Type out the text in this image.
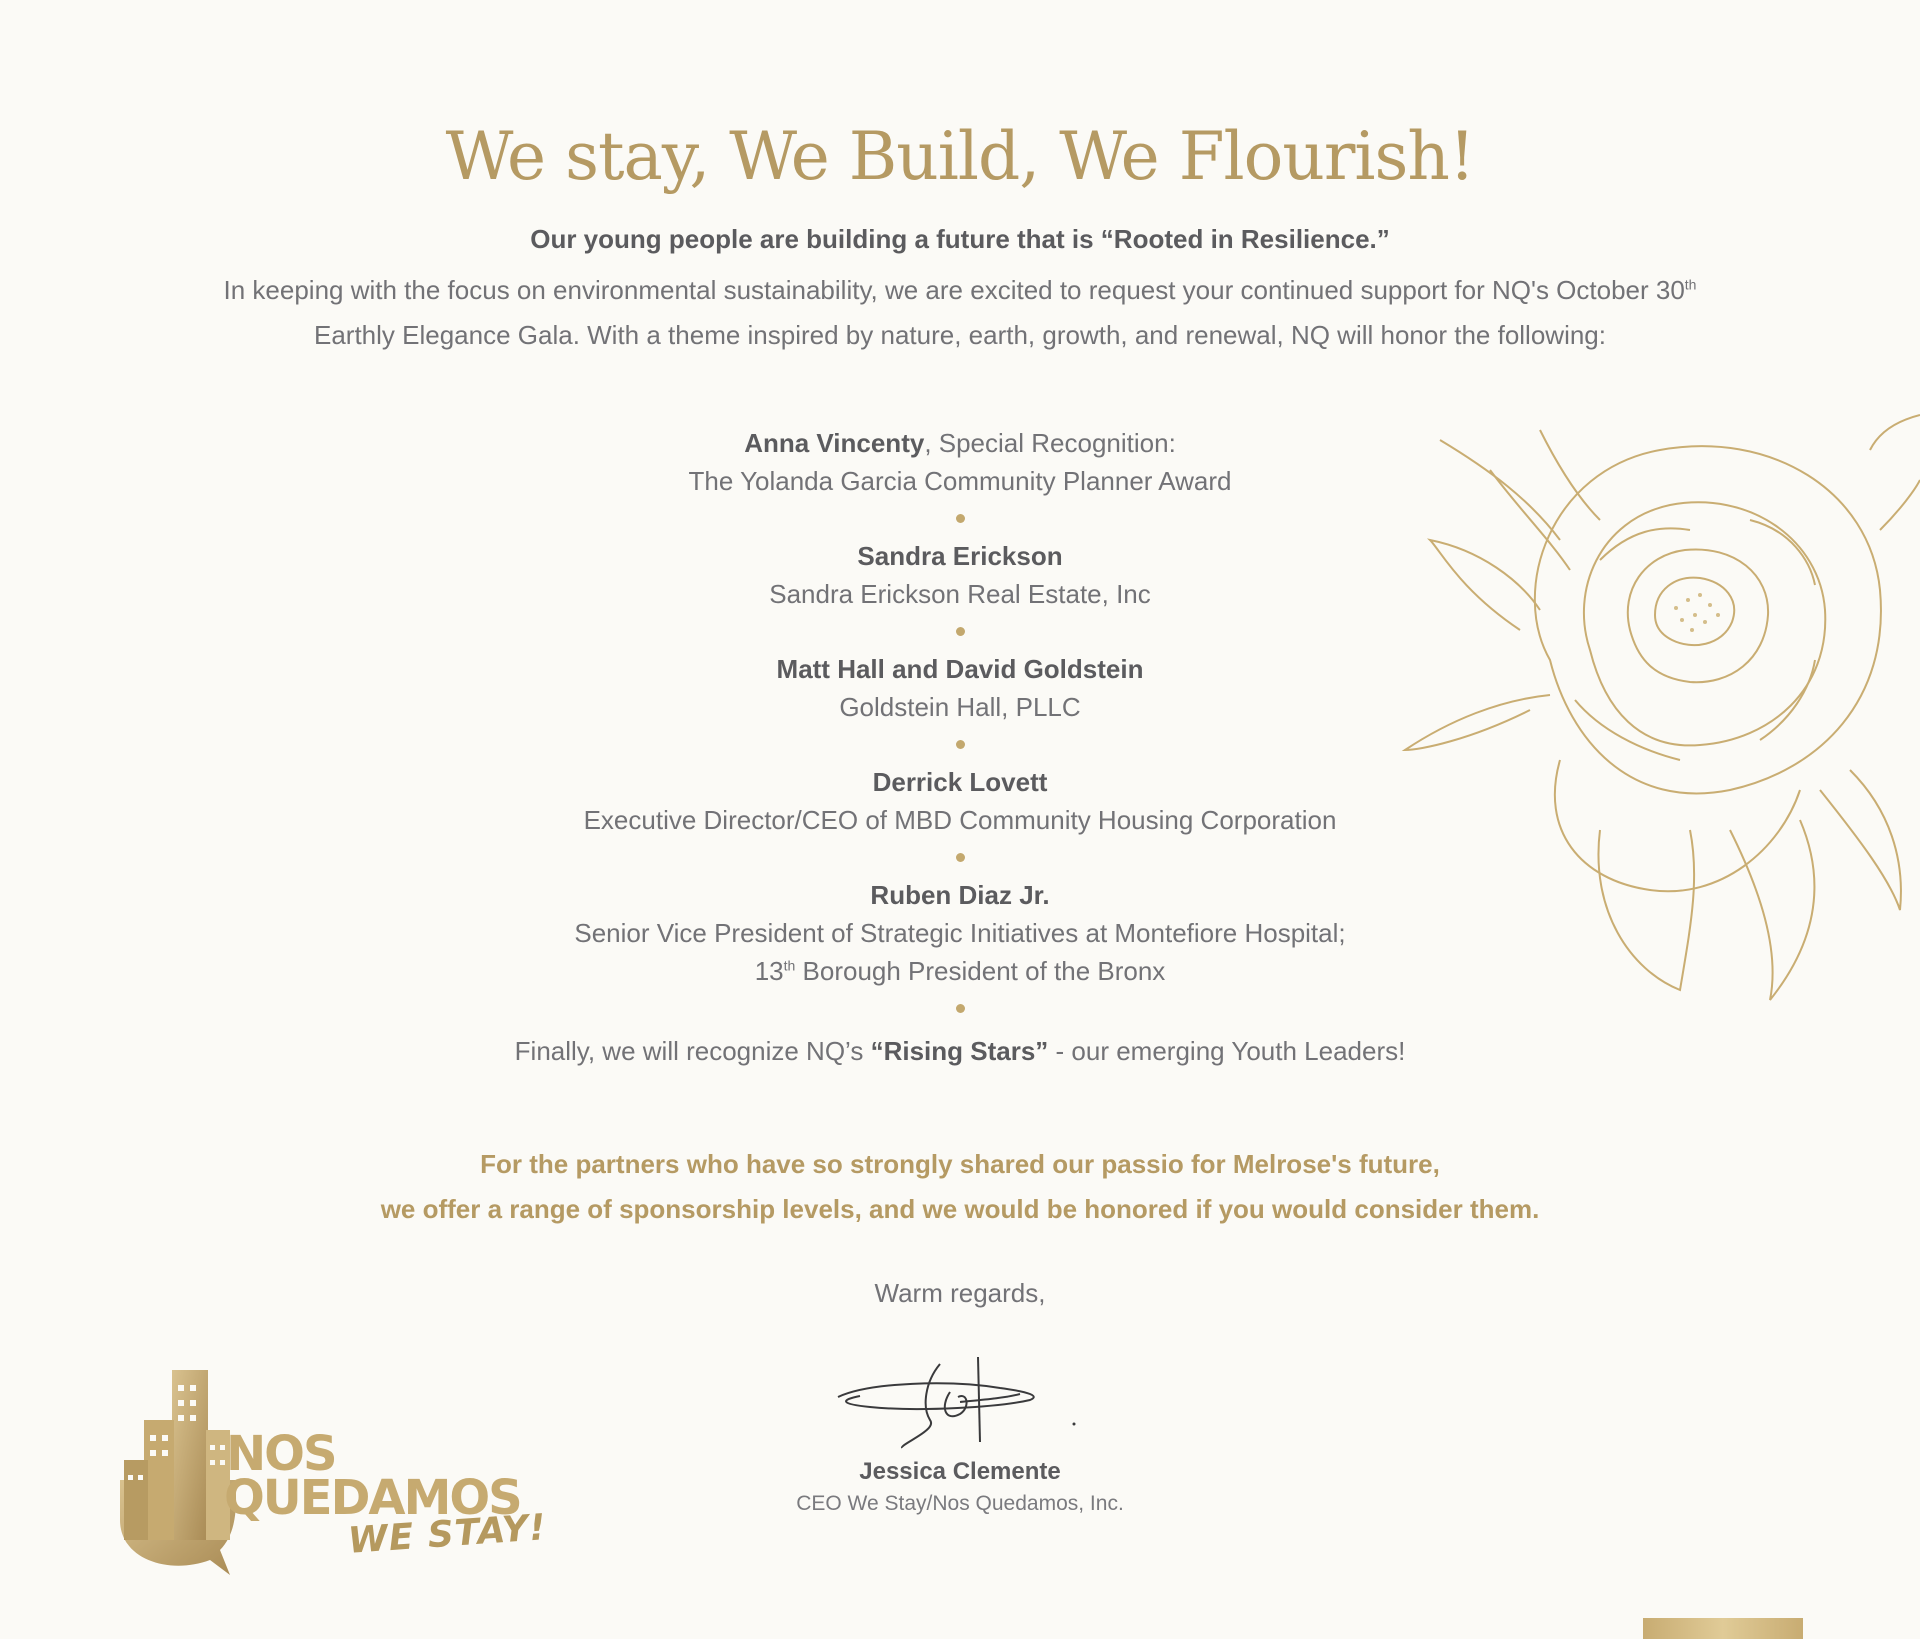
We stay, We Build, We Flourish!
Our young people are building a future that is “Rooted in Resilience.”
In keeping with the focus on environmental sustainability, we are excited to request your continued support for NQ's October 30th
Earthly Elegance Gala. With a theme inspired by nature, earth, growth, and renewal, NQ will honor the following:
Anna Vincenty, Special Recognition:
The Yolanda Garcia Community Planner Award
Sandra Erickson
Sandra Erickson Real Estate, Inc
Matt Hall and David Goldstein
Goldstein Hall, PLLC
Derrick Lovett
Executive Director/CEO of MBD Community Housing Corporation
Ruben Diaz Jr.
Senior Vice President of Strategic Initiatives at Montefiore Hospital;
13th Borough President of the Bronx
Finally, we will recognize NQ’s “Rising Stars” - our emerging Youth Leaders!
For the partners who have so strongly shared our passio for Melrose's future,
we offer a range of sponsorship levels, and we would be honored if you would consider them.
Warm regards,
Jessica Clemente
CEO We Stay/Nos Quedamos, Inc.
NOS
QUEDAMOS
WE STAY!
